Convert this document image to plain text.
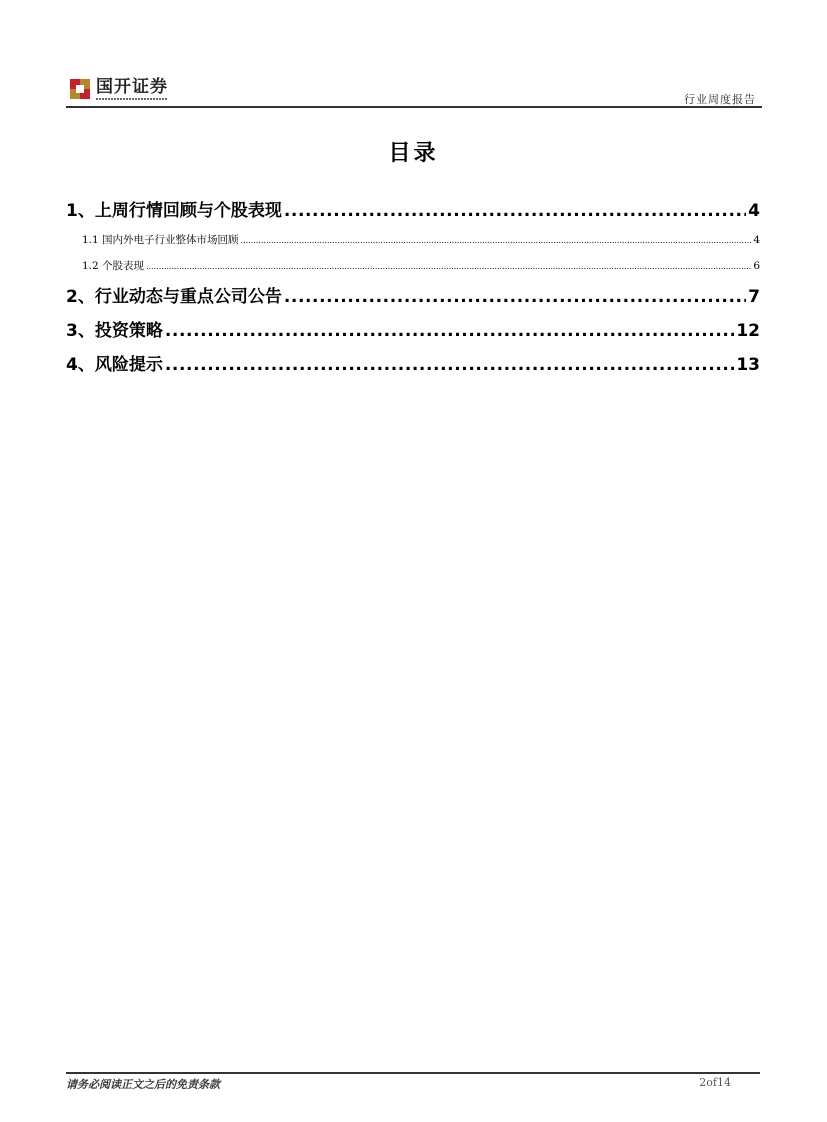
国开证券
行业周度报告
目录
1、上周行情回顾与个股表现 .....	4
1.1 国内外电子行业整体市场回顾 .....	4
1.2 个股表现 .....	6
2、行业动态与重点公司公告 .....	7
3、投资策略 .....	12
4、风险提示 .....	13
请务必阅读正文之后的免责条款	2of14
